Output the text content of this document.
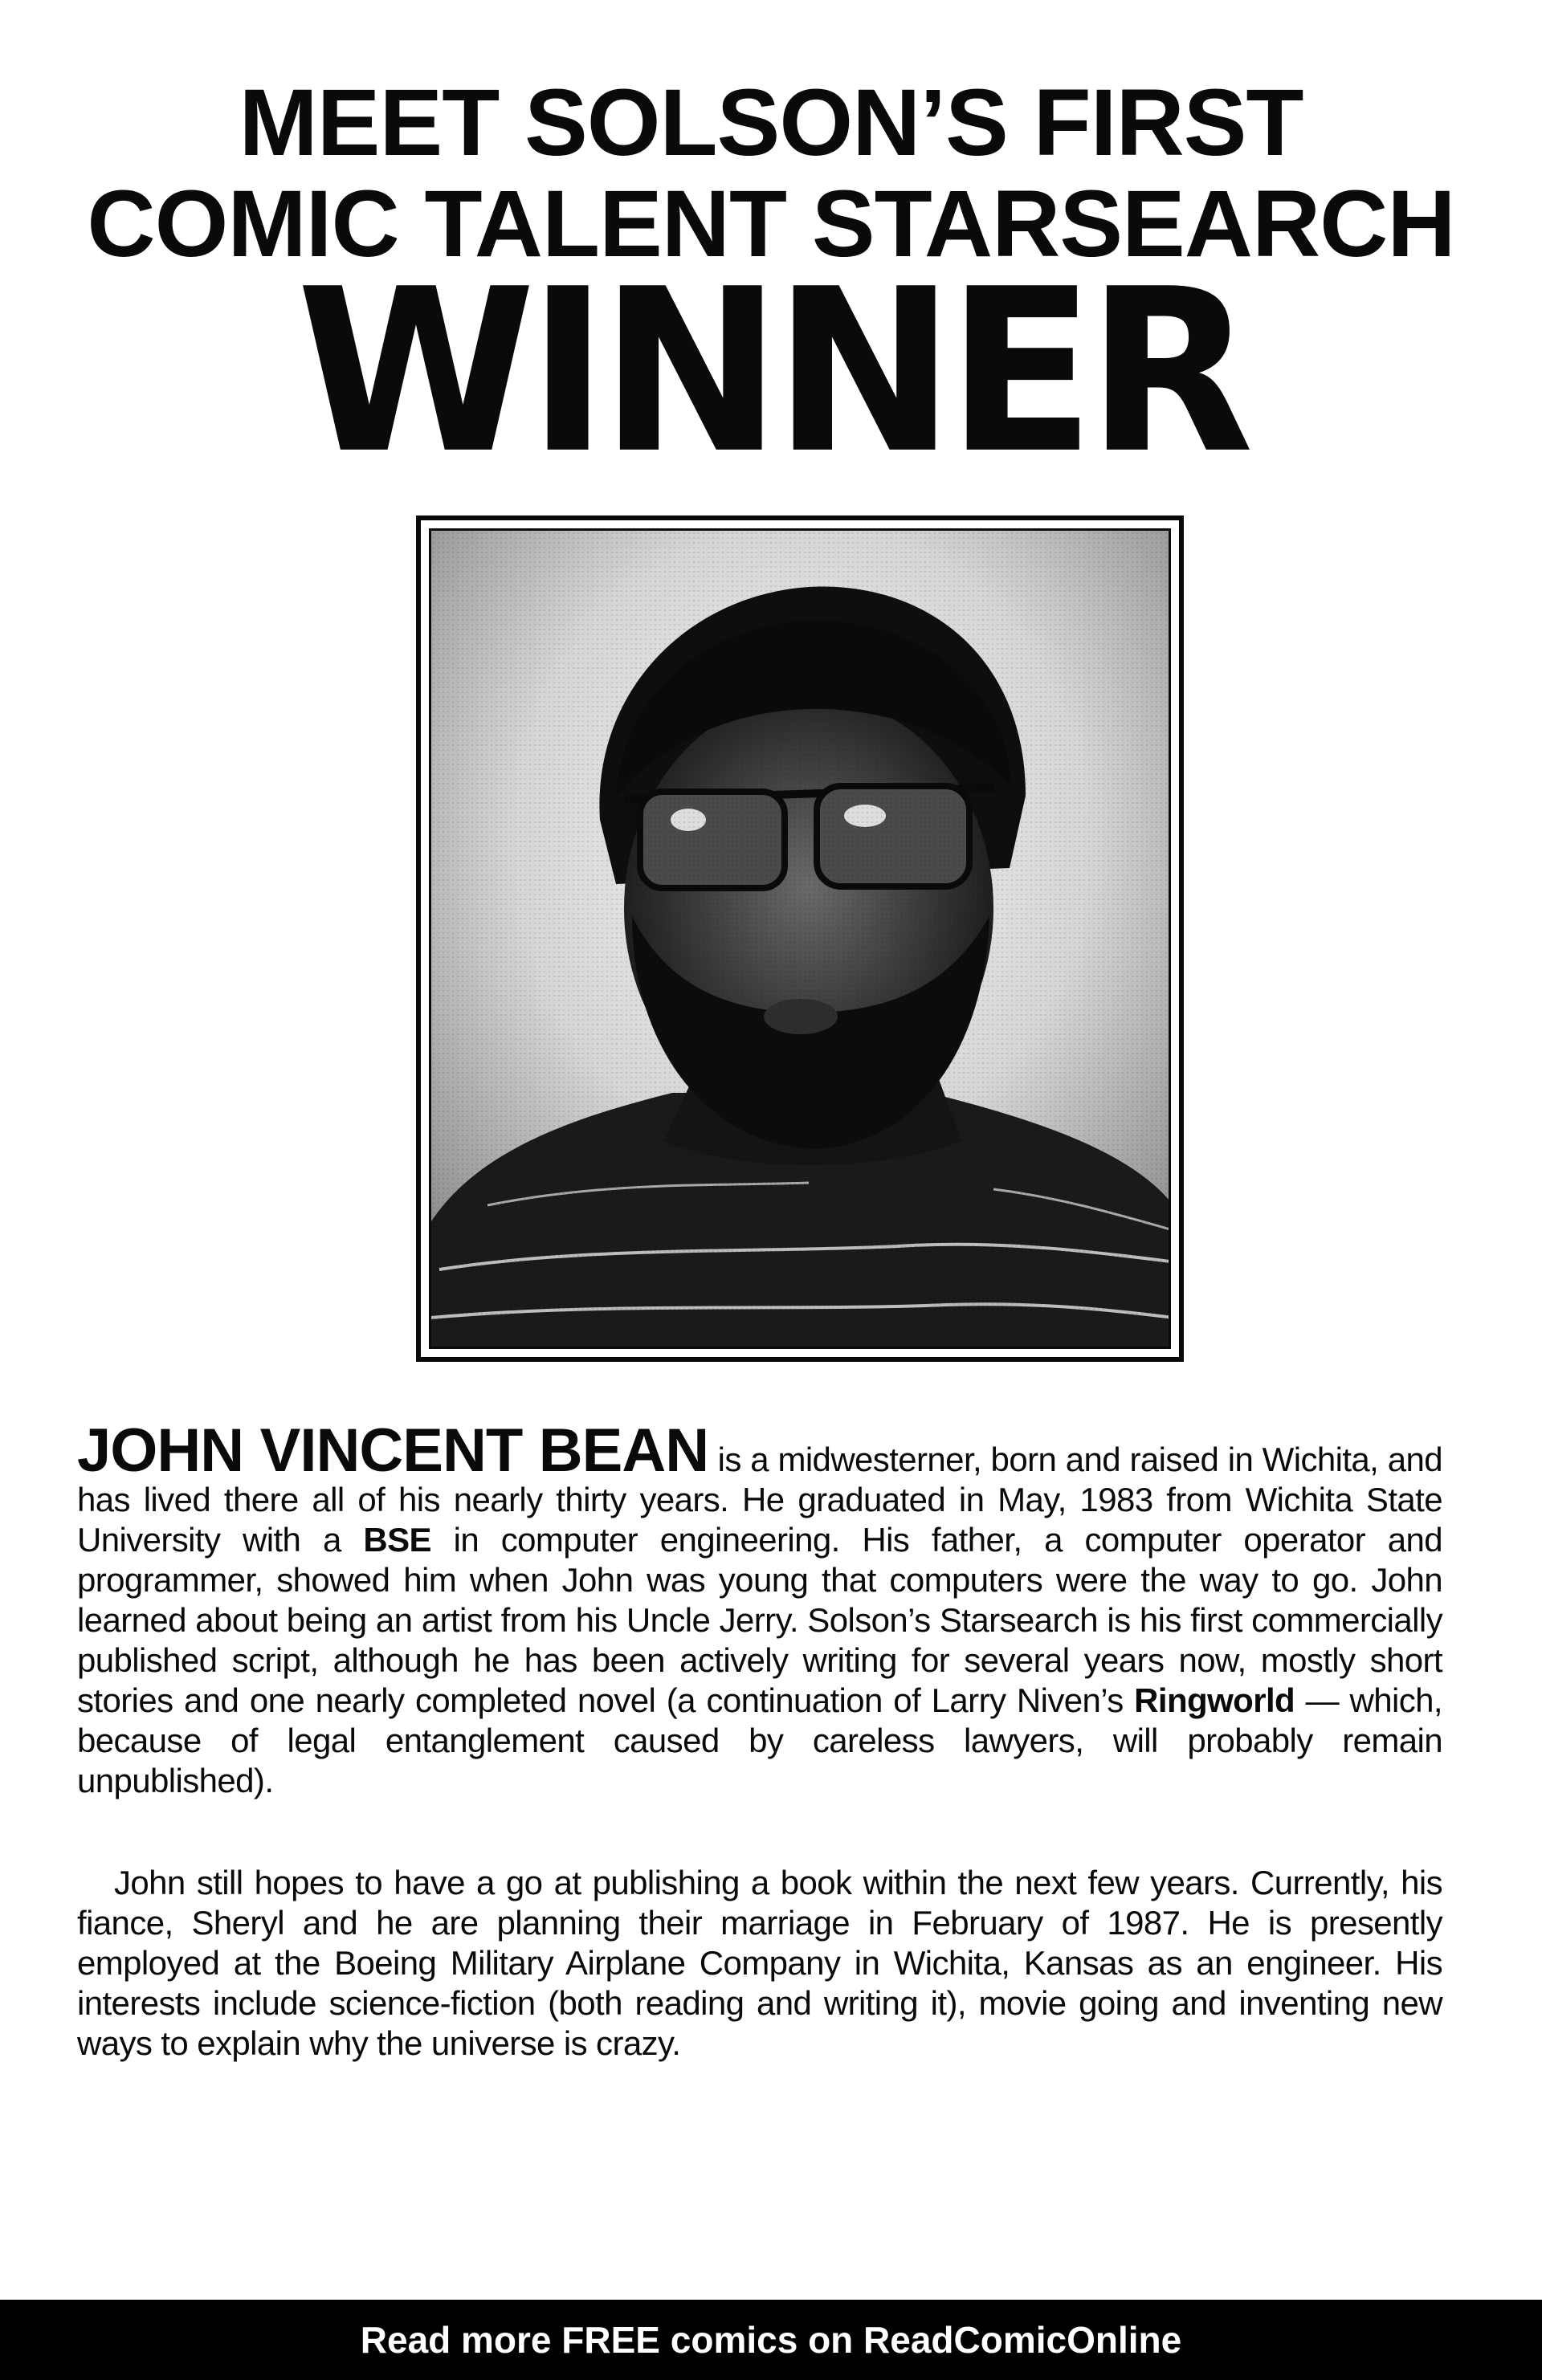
MEET SOLSON’S FIRST
COMIC TALENT STARSEARCH
WINNER
JOHN VINCENT BEAN is a midwesterner, born and raised in Wichita, and has lived there all of his nearly thirty years. He graduated in May, 1983 from Wichita State University with a BSE in computer engineering. His father, a computer operator and programmer, showed him when John was young that computers were the way to go. John learned about being an artist from his Uncle Jerry. Solson’s Starsearch is his first commercially published script, although he has been actively writing for several years now, mostly short stories and one nearly completed novel (a continuation of Larry Niven’s Ringworld — which, because of legal entanglement caused by careless lawyers, will probably remain unpublished).
John still hopes to have a go at publishing a book within the next few years. Currently, his fiance, Sheryl and he are planning their marriage in February of 1987. He is presently employed at the Boeing Military Airplane Company in Wichita, Kansas as an engineer. His interests include science-fiction (both reading and writing it), movie going and inventing new ways to explain why the universe is crazy.
Read more FREE comics on ReadComicOnline
